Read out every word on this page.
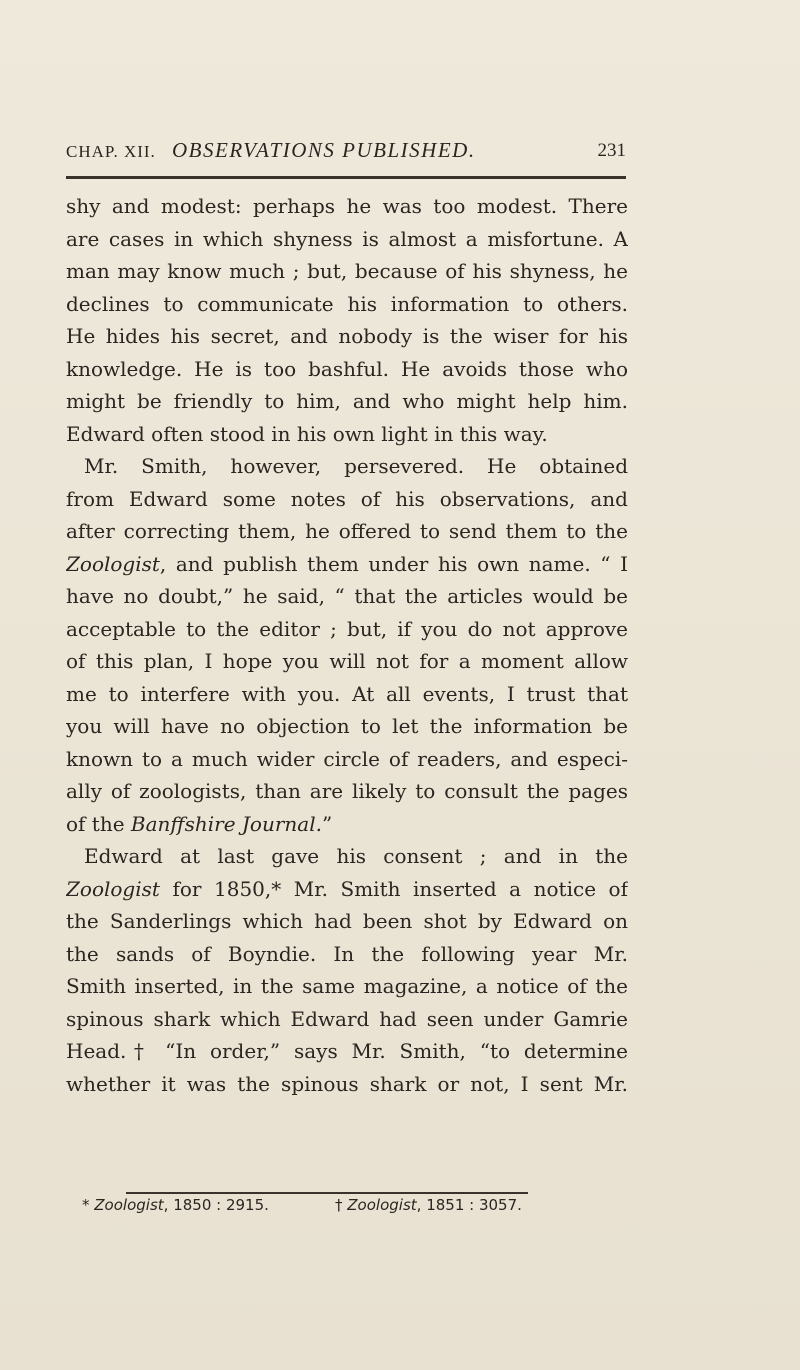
CHAP. XII. OBSERVATIONS PUBLISHED.	231
shy and modest: perhaps he was too modest. There
are cases in which shyness is almost a misfortune. A
man may know much ; but, because of his shyness, he
declines to communicate his information to others.
He hides his secret, and nobody is the wiser for his
knowledge. He is too bashful. He avoids those who
might be friendly to him, and who might help him.
Edward often stood in his own light in this way.
Mr. Smith, however, persevered. He obtained
from Edward some notes of his observations, and
after correcting them, he offered to send them to the
Zoologist, and publish them under his own name. “ I
have no doubt,” he said, “ that the articles would be
acceptable to the editor ; but, if you do not approve
of this plan, I hope you will not for a moment allow
me to interfere with you. At all events, I trust that
you will have no objection to let the information be
known to a much wider circle of readers, and especi-
ally of zoologists, than are likely to consult the pages
of the Banffshire Journal.”
Edward at last gave his consent ; and in the
Zoologist for 1850,* Mr. Smith inserted a notice of
the Sanderlings which had been shot by Edward on
the sands of Boyndie. In the following year Mr.
Smith inserted, in the same magazine, a notice of the
spinous shark which Edward had seen under Gamrie
Head.† “In order,” says Mr. Smith, “to determine
whether it was the spinous shark or not, I sent Mr.
* Zoologist, 1850 : 2915.	† Zoologist, 1851 : 3057.
